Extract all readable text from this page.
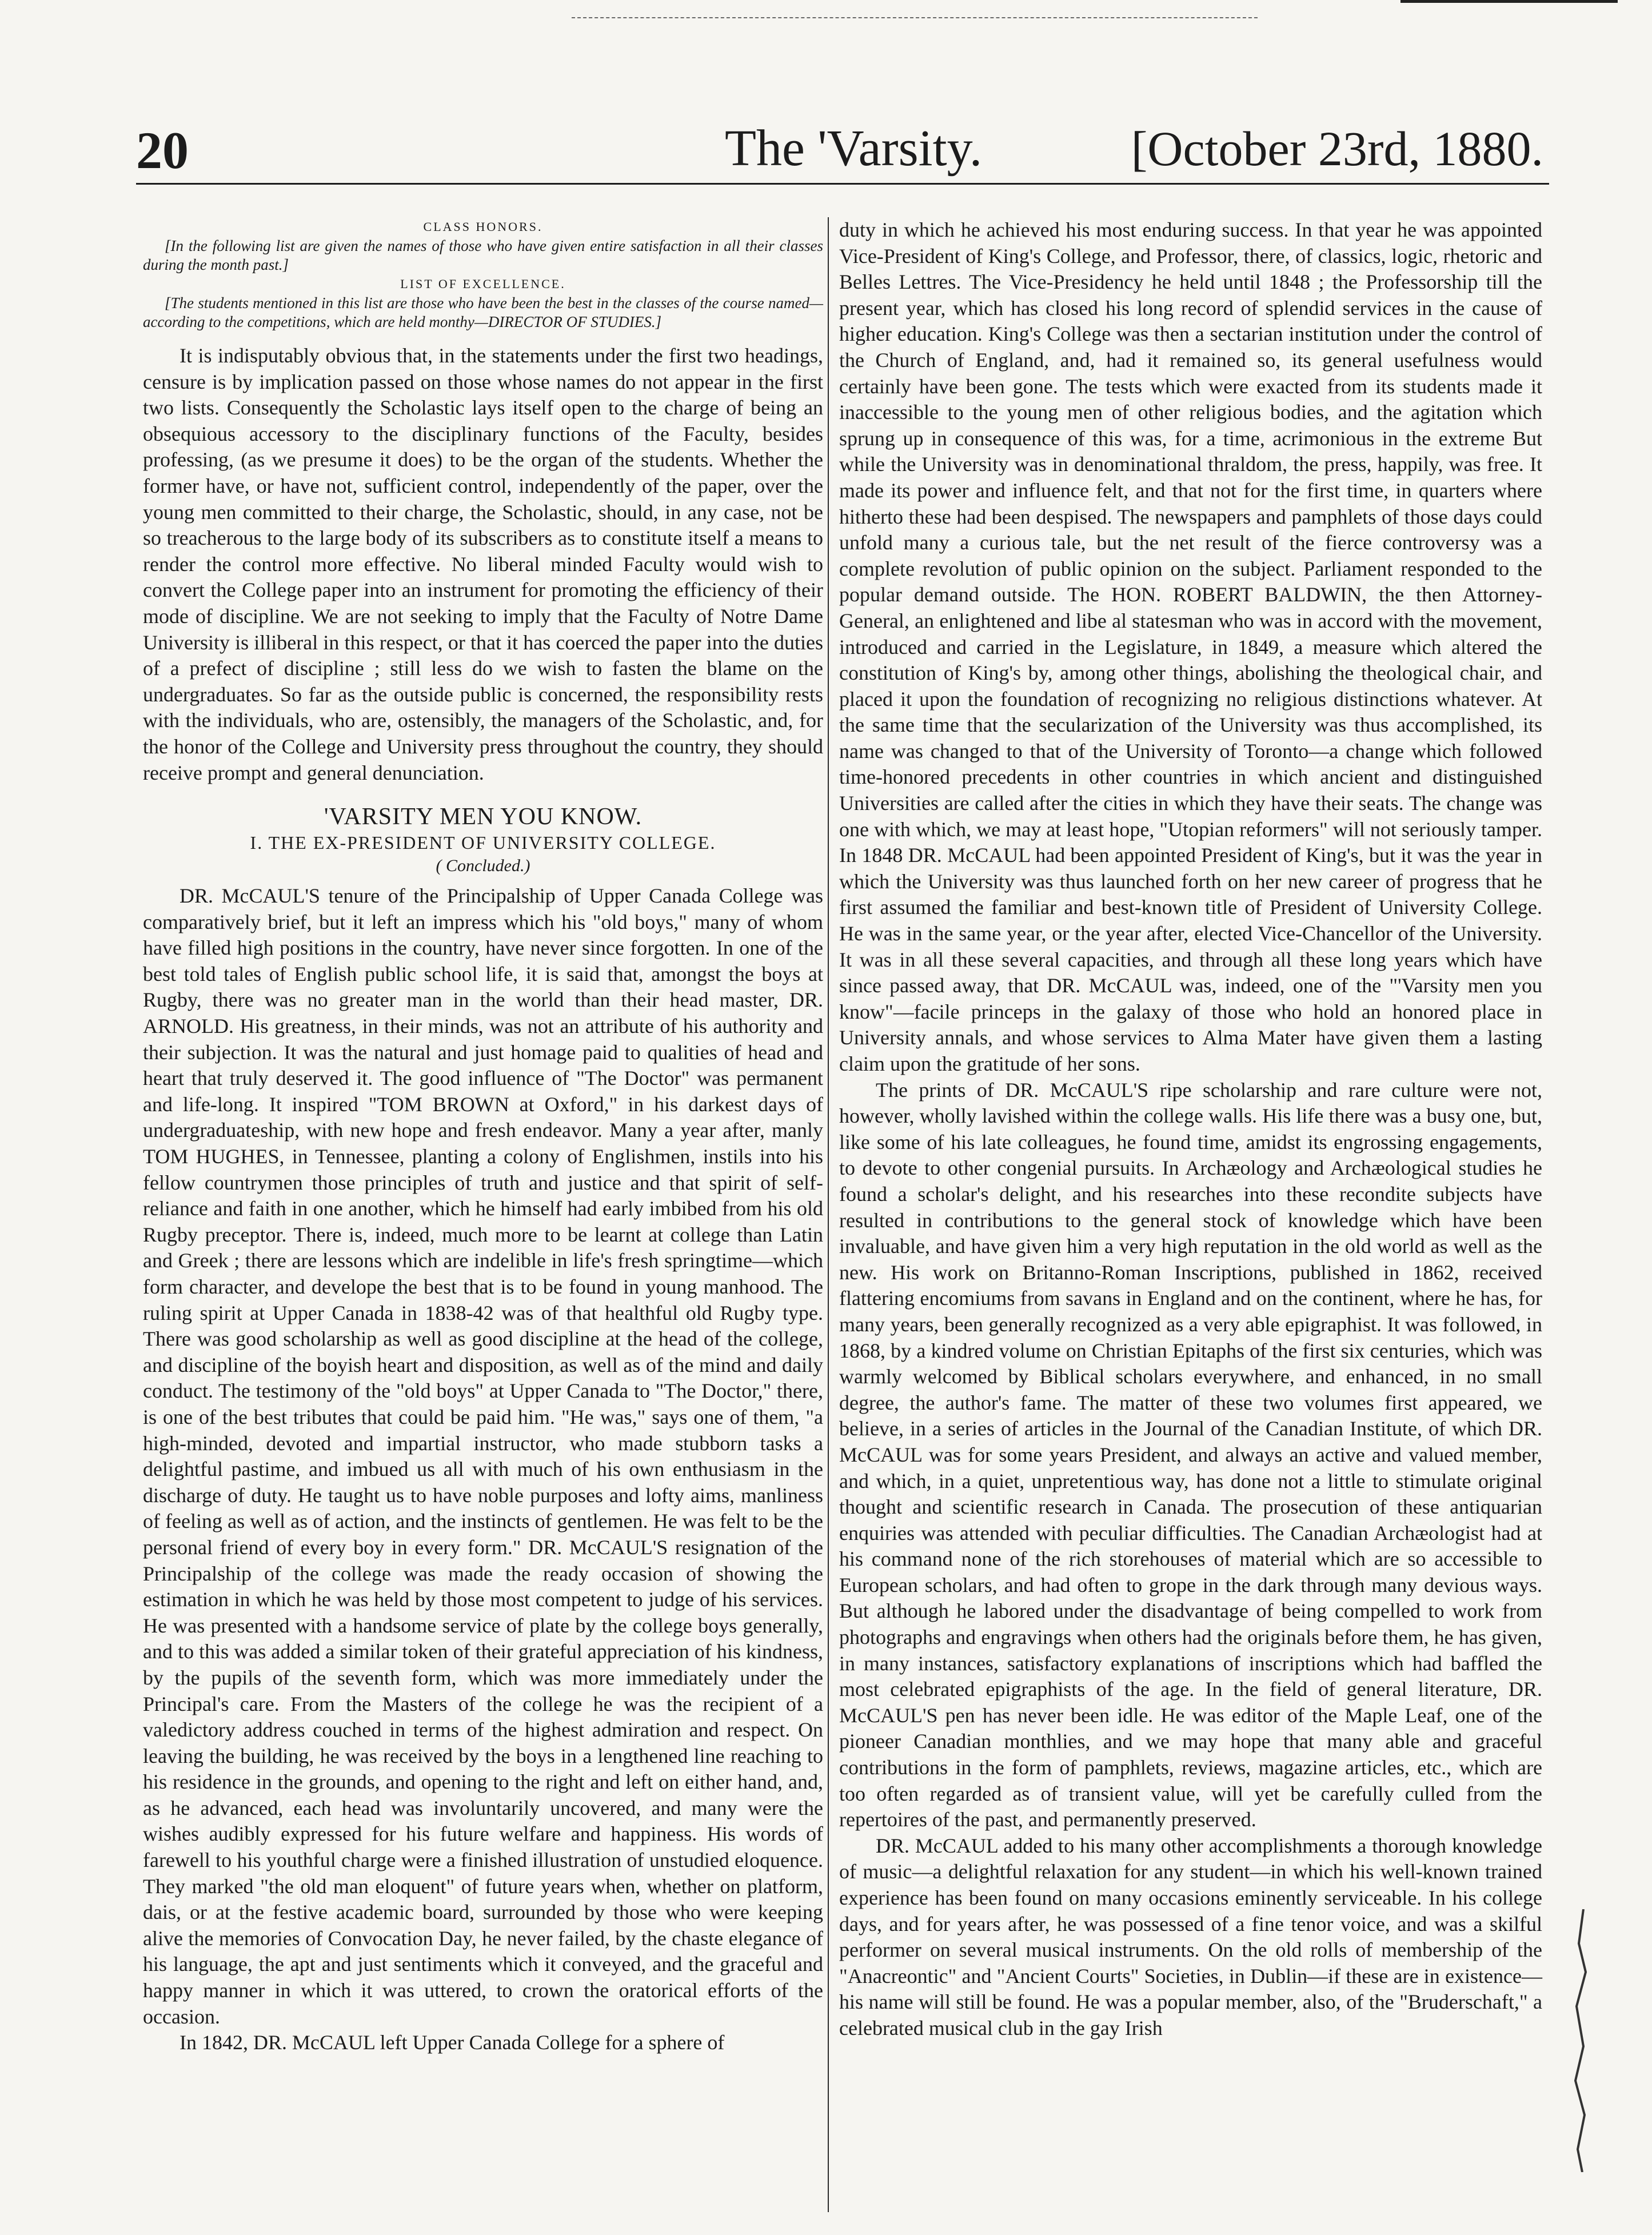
20	The 'Varsity.	[October 23rd, 1880.
CLASS HONORS.

[In the following list are given the names of those who have given entire satisfaction in all their classes during the month past.]

LIST OF EXCELLENCE.

[The students mentioned in this list are those who have been the best in the classes of the course named—according to the competitions, which are held monthy—DIRECTOR OF STUDIES.]

It is indisputably obvious that, in the statements under the first two headings, censure is by implication passed on those whose names do not appear in the first two lists. Consequently the Scholastic lays itself open to the charge of being an obsequious accessory to the disciplinary functions of the Faculty, besides professing, (as we presume it does) to be the organ of the students. Whether the former have, or have not, sufficient control, independently of the paper, over the young men committed to their charge, the Scholastic, should, in any case, not be so treacherous to the large body of its subscribers as to constitute itself a means to render the control more effective. No liberal minded Faculty would wish to convert the College paper into an instrument for promoting the efficiency of their mode of discipline. We are not seeking to imply that the Faculty of Notre Dame University is illiberal in this respect, or that it has coerced the paper into the duties of a prefect of discipline ; still less do we wish to fasten the blame on the undergraduates. So far as the outside public is concerned, the responsibility rests with the individuals, who are, ostensibly, the managers of the Scholastic, and, for the honor of the College and University press throughout the country, they should receive prompt and general denunciation.

'VARSITY MEN YOU KNOW.
I. THE EX-PRESIDENT OF UNIVERSITY COLLEGE.
( Concluded.)

DR. McCAUL'S tenure of the Principalship of Upper Canada College was comparatively brief, but it left an impress which his "old boys," many of whom have filled high positions in the country, have never since forgotten. In one of the best told tales of English public school life, it is said that, amongst the boys at Rugby, there was no greater man in the world than their head master, DR. ARNOLD. His greatness, in their minds, was not an attribute of his authority and their subjection. It was the natural and just homage paid to qualities of head and heart that truly deserved it. The good influence of "The Doctor" was permanent and life-long. It inspired "TOM BROWN at Oxford," in his darkest days of undergraduateship, with new hope and fresh endeavor. Many a year after, manly TOM HUGHES, in Tennessee, planting a colony of Englishmen, instils into his fellow countrymen those principles of truth and justice and that spirit of self-reliance and faith in one another, which he himself had early imbibed from his old Rugby preceptor. There is, indeed, much more to be learnt at college than Latin and Greek ; there are lessons which are indelible in life's fresh springtime—which form character, and develope the best that is to be found in young manhood. The ruling spirit at Upper Canada in 1838-42 was of that healthful old Rugby type. There was good scholarship as well as good discipline at the head of the college, and discipline of the boyish heart and disposition, as well as of the mind and daily conduct. The testimony of the "old boys" at Upper Canada to "The Doctor," there, is one of the best tributes that could be paid him. "He was," says one of them, "a high-minded, devoted and impartial instructor, who made stubborn tasks a delightful pastime, and imbued us all with much of his own enthusiasm in the discharge of duty. He taught us to have noble purposes and lofty aims, manliness of feeling as well as of action, and the instincts of gentlemen. He was felt to be the personal friend of every boy in every form." DR. McCAUL'S resignation of the Principalship of the college was made the ready occasion of showing the estimation in which he was held by those most competent to judge of his services. He was presented with a handsome service of plate by the college boys generally, and to this was added a similar token of their grateful appreciation of his kindness, by the pupils of the seventh form, which was more immediately under the Principal's care. From the Masters of the college he was the recipient of a valedictory address couched in terms of the highest admiration and respect. On leaving the building, he was received by the boys in a lengthened line reaching to his residence in the grounds, and opening to the right and left on either hand, and, as he advanced, each head was involuntarily uncovered, and many were the wishes audibly expressed for his future welfare and happiness. His words of farewell to his youthful charge were a finished illustration of unstudied eloquence. They marked "the old man eloquent" of future years when, whether on platform, dais, or at the festive academic board, surrounded by those who were keeping alive the memories of Convocation Day, he never failed, by the chaste elegance of his language, the apt and just sentiments which it conveyed, and the graceful and happy manner in which it was uttered, to crown the oratorical efforts of the occasion.

In 1842, DR. McCAUL left Upper Canada College for a sphere of

duty in which he achieved his most enduring success. In that year he was appointed Vice-President of King's College, and Professor, there, of classics, logic, rhetoric and Belles Lettres. The Vice-Presidency he held until 1848 ; the Professorship till the present year, which has closed his long record of splendid services in the cause of higher education. King's College was then a sectarian institution under the control of the Church of England, and, had it remained so, its general usefulness would certainly have been gone. The tests which were exacted from its students made it inaccessible to the young men of other religious bodies, and the agitation which sprung up in consequence of this was, for a time, acrimonious in the extreme But while the University was in denominational thraldom, the press, happily, was free. It made its power and influence felt, and that not for the first time, in quarters where hitherto these had been despised. The newspapers and pamphlets of those days could unfold many a curious tale, but the net result of the fierce controversy was a complete revolution of public opinion on the subject. Parliament responded to the popular demand outside. The HON. ROBERT BALDWIN, the then Attorney-General, an enlightened and libe al statesman who was in accord with the movement, introduced and carried in the Legislature, in 1849, a measure which altered the constitution of King's by, among other things, abolishing the theological chair, and placed it upon the foundation of recognizing no religious distinctions whatever. At the same time that the secularization of the University was thus accomplished, its name was changed to that of the University of Toronto—a change which followed time-honored precedents in other countries in which ancient and distinguished Universities are called after the cities in which they have their seats. The change was one with which, we may at least hope, "Utopian reformers" will not seriously tamper. In 1848 DR. McCAUL had been appointed President of King's, but it was the year in which the University was thus launched forth on her new career of progress that he first assumed the familiar and best-known title of President of University College. He was in the same year, or the year after, elected Vice-Chancellor of the University. It was in all these several capacities, and through all these long years which have since passed away, that DR. McCAUL was, indeed, one of the "'Varsity men you know"—facile princeps in the galaxy of those who hold an honored place in University annals, and whose services to Alma Mater have given them a lasting claim upon the gratitude of her sons.

The prints of DR. McCAUL'S ripe scholarship and rare culture were not, however, wholly lavished within the college walls. His life there was a busy one, but, like some of his late colleagues, he found time, amidst its engrossing engagements, to devote to other congenial pursuits. In Archæology and Archæological studies he found a scholar's delight, and his researches into these recondite subjects have resulted in contributions to the general stock of knowledge which have been invaluable, and have given him a very high reputation in the old world as well as the new. His work on Britanno-Roman Inscriptions, published in 1862, received flattering encomiums from savans in England and on the continent, where he has, for many years, been generally recognized as a very able epigraphist. It was followed, in 1868, by a kindred volume on Christian Epitaphs of the first six centuries, which was warmly welcomed by Biblical scholars everywhere, and enhanced, in no small degree, the author's fame. The matter of these two volumes first appeared, we believe, in a series of articles in the Journal of the Canadian Institute, of which DR. McCAUL was for some years President, and always an active and valued member, and which, in a quiet, unpretentious way, has done not a little to stimulate original thought and scientific research in Canada. The prosecution of these antiquarian enquiries was attended with peculiar difficulties. The Canadian Archæologist had at his command none of the rich storehouses of material which are so accessible to European scholars, and had often to grope in the dark through many devious ways. But although he labored under the disadvantage of being compelled to work from photographs and engravings when others had the originals before them, he has given, in many instances, satisfactory explanations of inscriptions which had baffled the most celebrated epigraphists of the age. In the field of general literature, DR. McCAUL'S pen has never been idle. He was editor of the Maple Leaf, one of the pioneer Canadian monthlies, and we may hope that many able and graceful contributions in the form of pamphlets, reviews, magazine articles, etc., which are too often regarded as of transient value, will yet be carefully culled from the repertoires of the past, and permanently preserved.

DR. McCAUL added to his many other accomplishments a thorough knowledge of music—a delightful relaxation for any student—in which his well-known trained experience has been found on many occasions eminently serviceable. In his college days, and for years after, he was possessed of a fine tenor voice, and was a skilful performer on several musical instruments. On the old rolls of membership of the "Anacreontic" and "Ancient Courts" Societies, in Dublin—if these are in existence—his name will still be found. He was a popular member, also, of the "Bruderschaft," a celebrated musical club in the gay Irish
